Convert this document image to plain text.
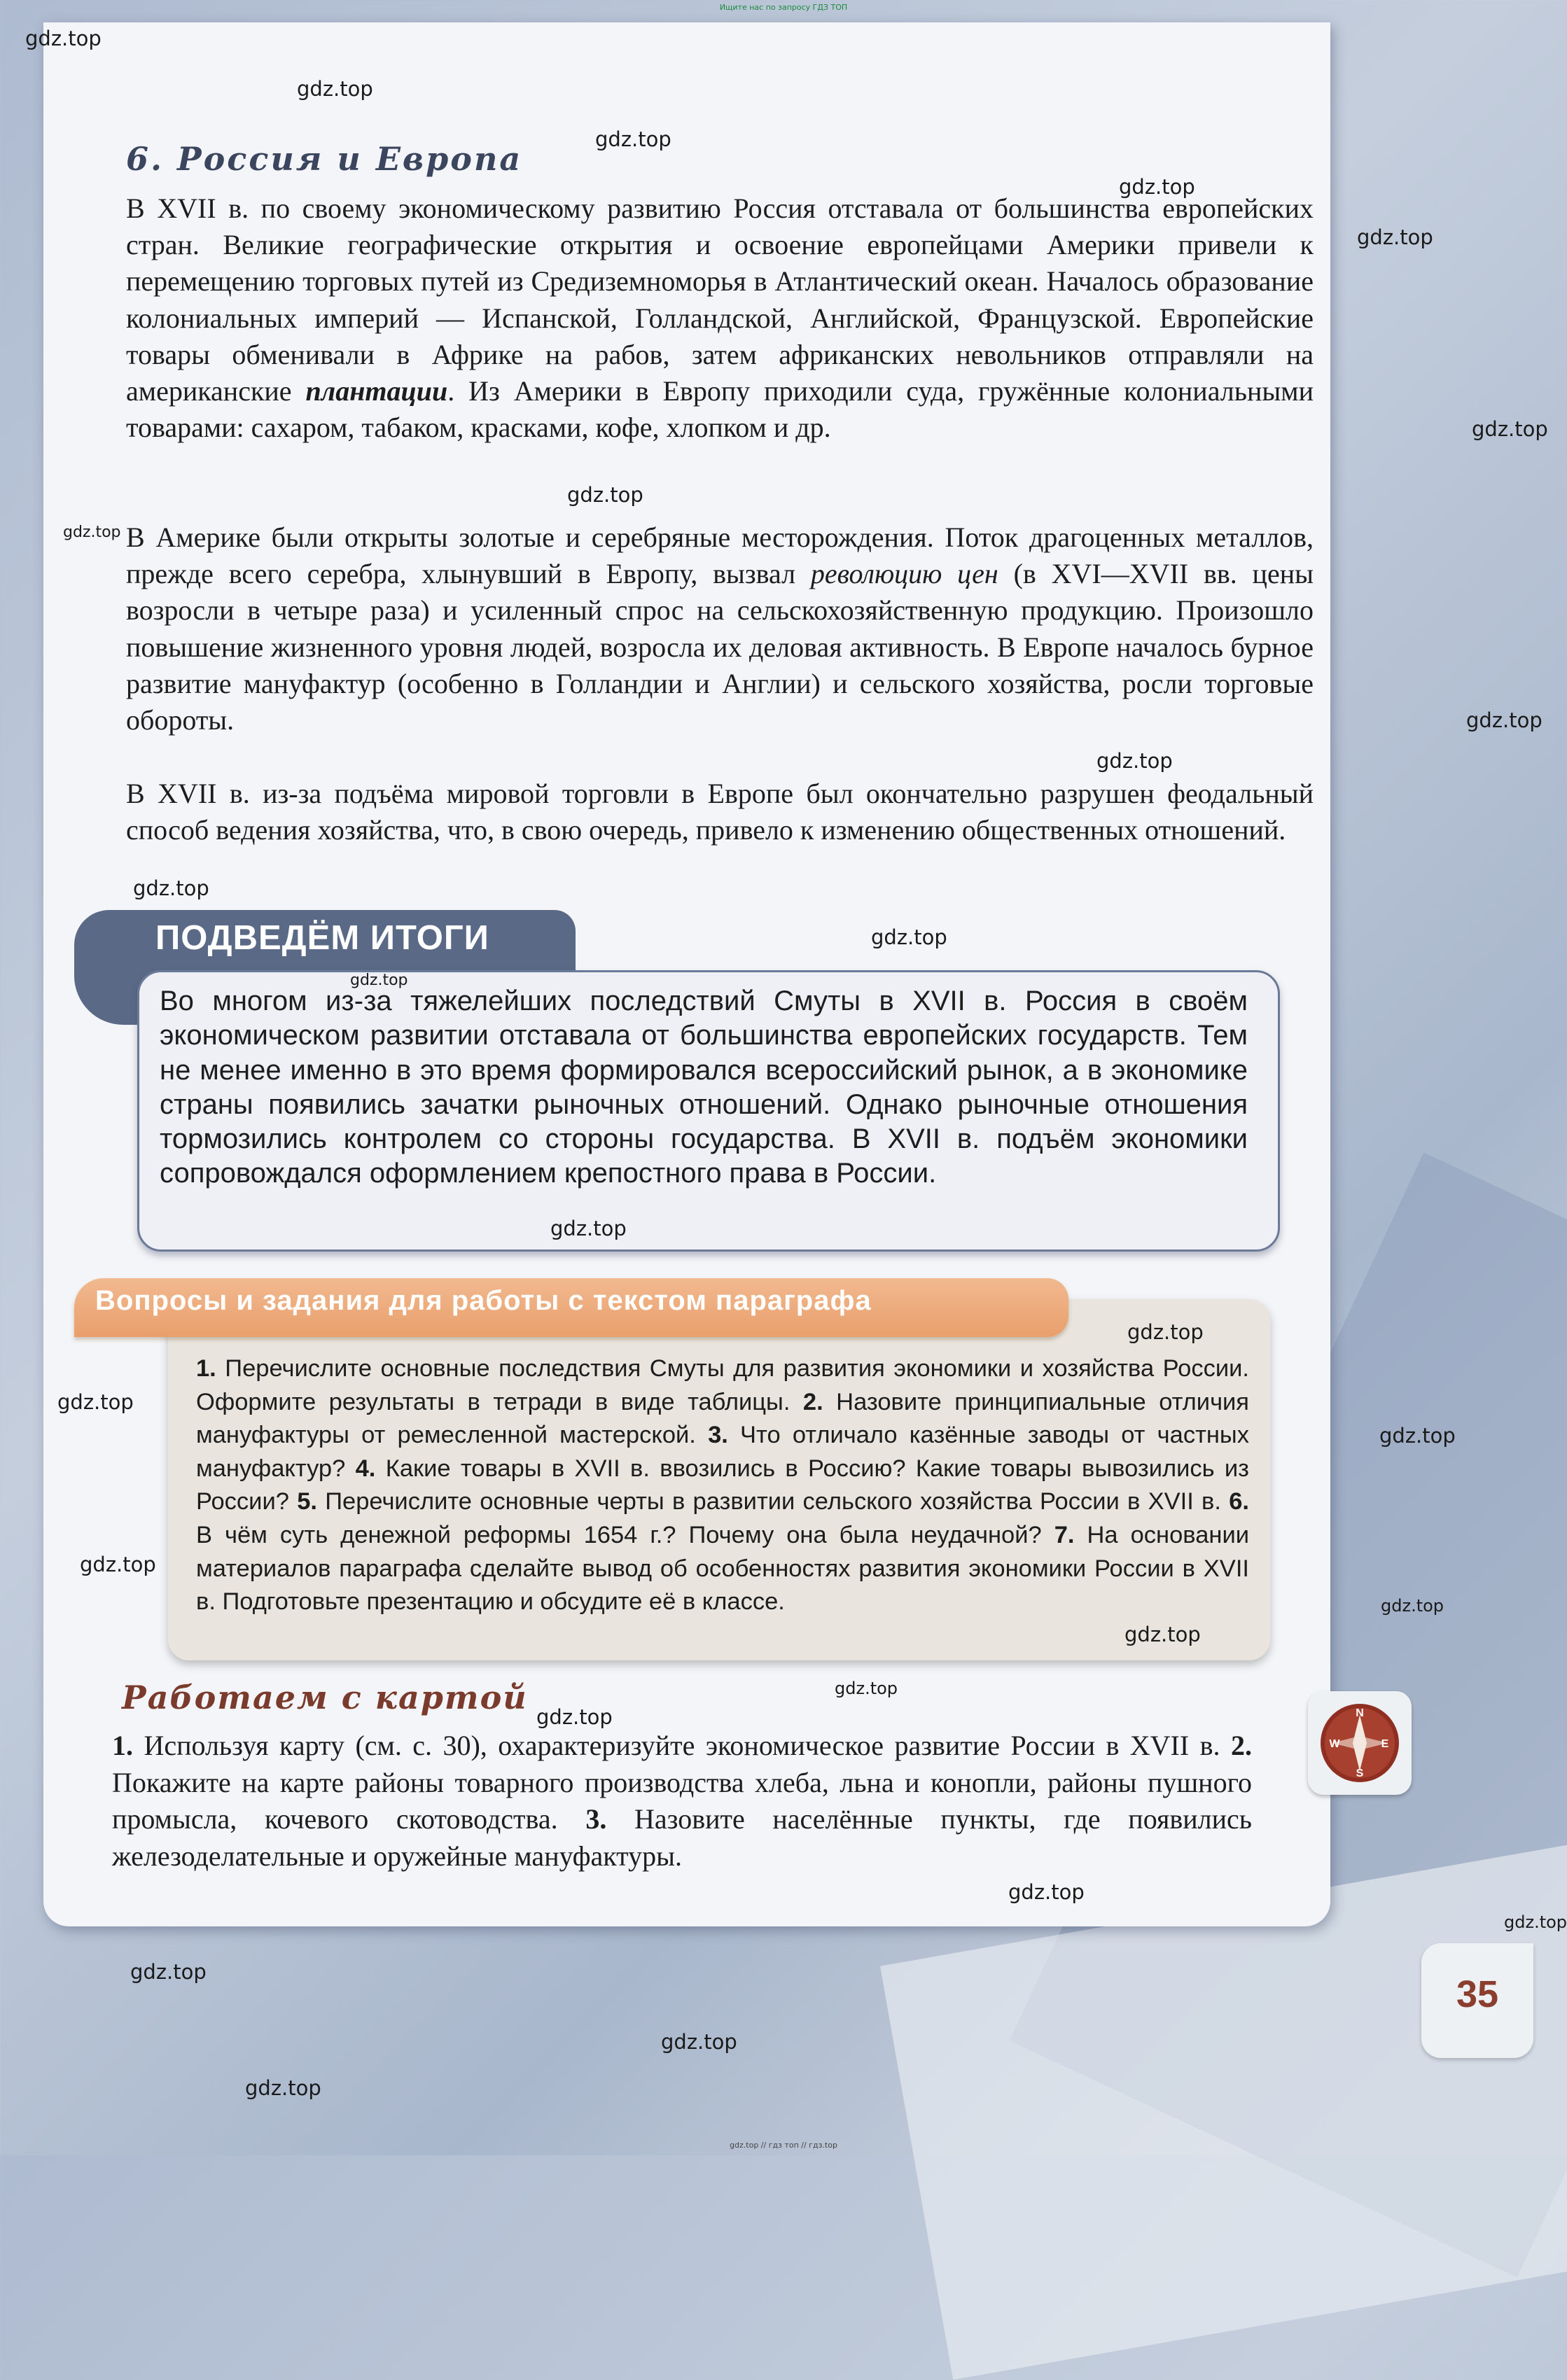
Ищите нас по запросу ГДЗ ТОП
6. Россия и Европа
В XVII в. по своему экономическому развитию Россия отставала от большинства европейских стран. Великие географические открытия и освоение европейцами Америки привели к перемещению торговых путей из Средиземноморья в Атлантический океан. Началось образование колониальных империй — Испанской, Голландской, Английской, Французской. Европейские товары обменивали в Африке на рабов, затем африканских невольников отправляли на американские плантации. Из Америки в Европу приходили суда, гружённые колониальными товарами: сахаром, табаком, красками, кофе, хлопком и др.
В Америке были открыты золотые и серебряные месторождения. Поток драгоценных металлов, прежде всего серебра, хлынувший в Европу, вызвал революцию цен (в XVI—XVII вв. цены возросли в четыре раза) и усиленный спрос на сельскохозяйственную продукцию. Произошло повышение жизненного уровня людей, возросла их деловая активность. В Европе началось бурное развитие мануфактур (особенно в Голландии и Англии) и сельского хозяйства, росли торговые обороты.
В XVII в. из-за подъёма мировой торговли в Европе был окончательно разрушен феодальный способ ведения хозяйства, что, в свою очередь, привело к изменению общественных отношений.
ПОДВЕДЁМ ИТОГИ
Во многом из-за тяжелейших последствий Смуты в XVII в. Россия в своём экономическом развитии отставала от большинства европейских государств. Тем не менее именно в это время формировался всероссийский рынок, а в экономике страны появились зачатки рыночных отношений. Однако рыночные отношения тормозились контролем со стороны государства. В XVII в. подъём экономики сопровождался оформлением крепостного права в России.
Вопросы и задания для работы с текстом параграфа
1. Перечислите основные последствия Смуты для развития экономики и хозяйства России. Оформите результаты в тетради в виде таблицы. 2. Назовите принципиальные отличия мануфактуры от ремесленной мастерской. 3. Что отличало казённые заводы от частных мануфактур? 4. Какие товары в XVII в. ввозились в Россию? Какие товары вывозились из России? 5. Перечислите основные черты в развитии сельского хозяйства России в XVII в. 6. В чём суть денежной реформы 1654 г.? Почему она была неудачной? 7. На основании материалов параграфа сделайте вывод об особенностях развития экономики России в XVII в. Подготовьте презентацию и обсудите её в классе.
Работаем с картой
1. Используя карту (см. с. 30), охарактеризуйте экономическое развитие России в XVII в. 2. Покажите на карте районы товарного производства хлеба, льна и конопли, районы пушного промысла, кочевого скотоводства. 3. Назовите населённые пункты, где появились железоделательные и оружейные мануфактуры.
N
E
S
W
35
gdz.top
gdz.top
gdz.top
gdz.top
gdz.top
gdz.top
gdz.top
gdz.top
gdz.top
gdz.top
gdz.top
gdz.top
gdz.top
gdz.top
gdz.top
gdz.top
gdz.top
gdz.top
gdz.top
gdz.top
gdz.top
gdz.top
gdz.top
gdz.top
gdz.top
gdz.top
gdz.top
gdz.top // гдз топ // гдз.top
